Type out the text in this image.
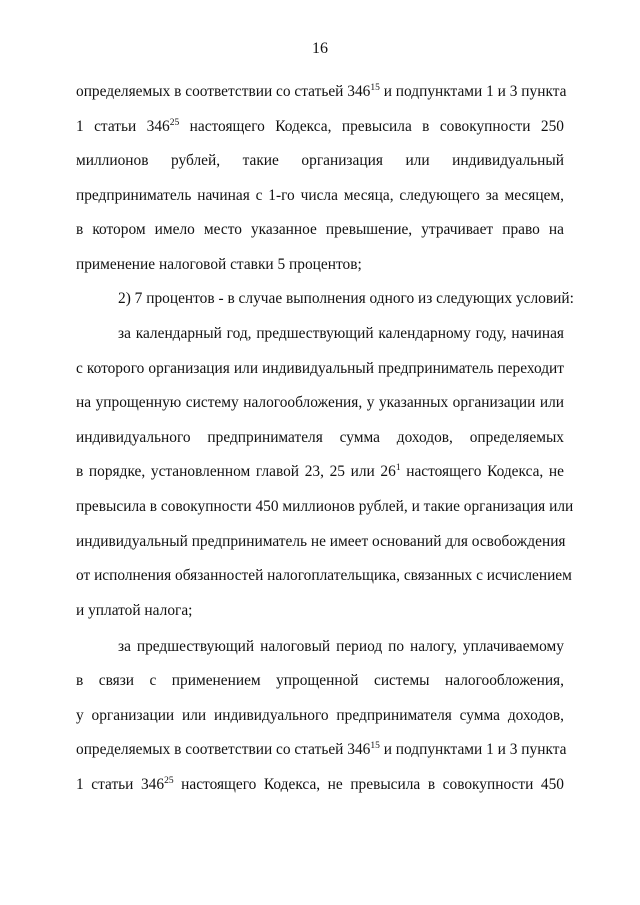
16
определяемых в соответствии со статьей $346^{15}$ и подпунктами 1 и 3 пункта
1 статьи $346^{25}$ настоящего Кодекса, превысила в совокупности 250
миллионов рублей, такие организация или индивидуальный
предприниматель начиная с 1-го числа месяца, следующего за месяцем,
в котором имело место указанное превышение, утрачивает право на
применение налоговой ставки 5 процентов;
2) 7 процентов - в случае выполнения одного из следующих условий:
за календарный год, предшествующий календарному году, начиная
с которого организация или индивидуальный предприниматель переходит
на упрощенную систему налогообложения, у указанных организации или
индивидуального предпринимателя сумма доходов, определяемых
в порядке, установленном главой 23, 25 или $26^1$ настоящего Кодекса, не
превысила в совокупности 450 миллионов рублей, и такие организация или
индивидуальный предприниматель не имеет оснований для освобождения
от исполнения обязанностей налогоплательщика, связанных с исчислением
и уплатой налога;
за предшествующий налоговый период по налогу, уплачиваемому
в связи с применением упрощенной системы налогообложения,
у организации или индивидуального предпринимателя сумма доходов,
определяемых в соответствии со статьей $346^{15}$ и подпунктами 1 и 3 пункта
1 статьи $346^{25}$ настоящего Кодекса, не превысила в совокупности 450
